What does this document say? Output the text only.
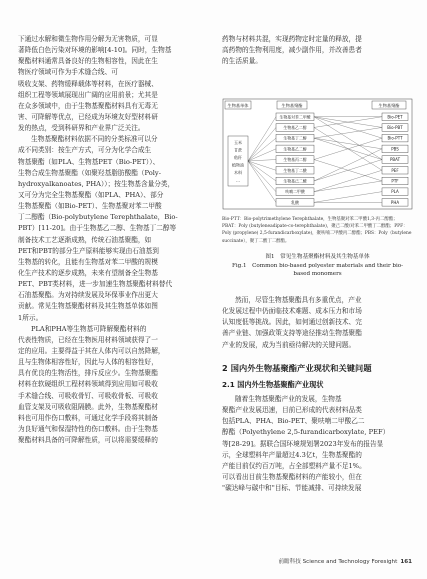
下通过水解和微生物作用分解为无害物质，可显
著降低白色污染对环境的影响[4-10]。同时，生物基
聚酯材料通常具备良好的生物相容性，因此在生
物医疗领域可作为手术缝合线、可
吸收支架、药物缓释载体等材料，在医疗器械、
组织工程等领域展现出广阔的应用前景；尤其是
在众多领域中，由于生物基聚酯材料具有无毒无
害、可降解等优点，已经成为环境友好型材料研
发的热点，受到科研界和产业界广泛关注。
生物基聚酯材料依据不同的分类标准可以分
成不同类别：按生产方式，可分为化学合成生
物基聚酯（如PLA、生物基PET（Bio-PET））、
生物合成生物基聚酯（如聚羟基脂肪酸酯（Poly-
hydroxyalkanoates, PHA））；按生物基含量分类，
又可分为完全生物基聚酯（如PLA、PHA）、部分
生物基聚酯（如Bio-PET）、生物基聚对苯二甲酸
丁二醇酯（Bio-polybutylene Terephthalate，Bio-
PBT）[11-20]。由于生物基乙二醇、生物基丁二醇等
制备技术工艺逐渐成熟，传统石油基聚酯，如
PET和PBT的部分生产原料能够实现由石油基到
生物基的转化，且能有生物基对苯二甲酸的规模
化生产技术的逐步成熟，未来有望制备全生物基
PET、PBT类材料，进一步加速生物基聚酯材料替代
石油基聚酯。为对持续发展及环保事业作出更大
贡献。常见生物基聚酯材料及其生物基单体如图
1所示。
PLA和PHA等生物基可降解聚酯材料的
代表性物质，已经在生物医用材料领域获得了一
定的应用。主要得益于其在人体内可以自然降解，
且与生物体相容性好，因此与人体的相容性好，
具有优良的生物活性，排斥反应少。生物基聚酯
材料在软硬组织工程材料领域得到应用如可吸收
手术缝合线、可吸收骨钉、可吸收骨板、可吸收
血管支架及可吸收阻隔膜。此外，生物基聚酯材
料也可用作伤口敷料，可通过化学手段将其制备
为良好通气和保湿特性的伤口敷料。由于生物基
聚酯材料具备的可降解性质，可以将需要缓释的
药物与材料共混，实现药物定时定量的释放，提
高药物的生物利用度，减少副作用，并改善患者
的生活质量。
生物基单体	生物基聚酯	生物基聚酯
玉米
甘蔗
秸秆
植物油
木料
…
生物基对苯二甲酸
生物基乙二醇
生物基丁二醇
生物基乙二醇
生物基丙二醇
生物基丁二酸
生物基己二酸
呋喃二甲酸
乳酸
Bio-PET
Bio-PBT
Bio-PTT
PBS
PBAT
PEF
PTF
PLA
PHA
Bio-PTT：Bio-polytrimethylene Terephthalate，生物基聚对苯二甲酸1,3-丙二醇酯；PBAT：Poly (butyleneadipate-co-terephthalate)，聚己二酸/对苯二甲酸丁二醇酯；PPF：Poly (propylene) 2,5-furandicarboxylate)，聚呋喃二甲酸丙二醇酯；PBS：Poly（butylene succinate），聚丁二酸丁二醇酯。
图1　常见生物基聚酯材料及其生物基单体
Fig.1　Common bio-based polyester materials and their bio-
based monomers
然而，尽管生物基聚酯具有多重优点，产业
化发展过程中仍面临技术难题、成本压力和市场
认知度低等挑战。因此，如何通过创新技术、完
善产业链、加强政策支持等途径推动生物基聚酯
产业的发展，成为当前亟待解决的关键问题。
2 国内外生物基聚酯产业现状和关键问题
2.1 国内外生物基聚酯产业现状
随着生物基聚酯产业的发展，生物基
聚酯产业发展迅速，目前已形成的代表材料品类
包括PLA、PHA、Bio-PET、聚呋喃二甲酸乙二
醇酯（Polyethylene 2,5-furandicarboxylate, PEF）
等[28-29]。据联合国环境规划署2023年发布的报告显
示，全球塑料年产量超过4.3亿t，生物基聚酯的
产能目前仅约百万吨，占全部塑料产量不足1%。
可以看出目前生物基聚酯材料的产能较小，但在
"碳达峰与碳中和"目标、节能减排、可持续发展
前瞻科技 Science and Technology Foresight 161
